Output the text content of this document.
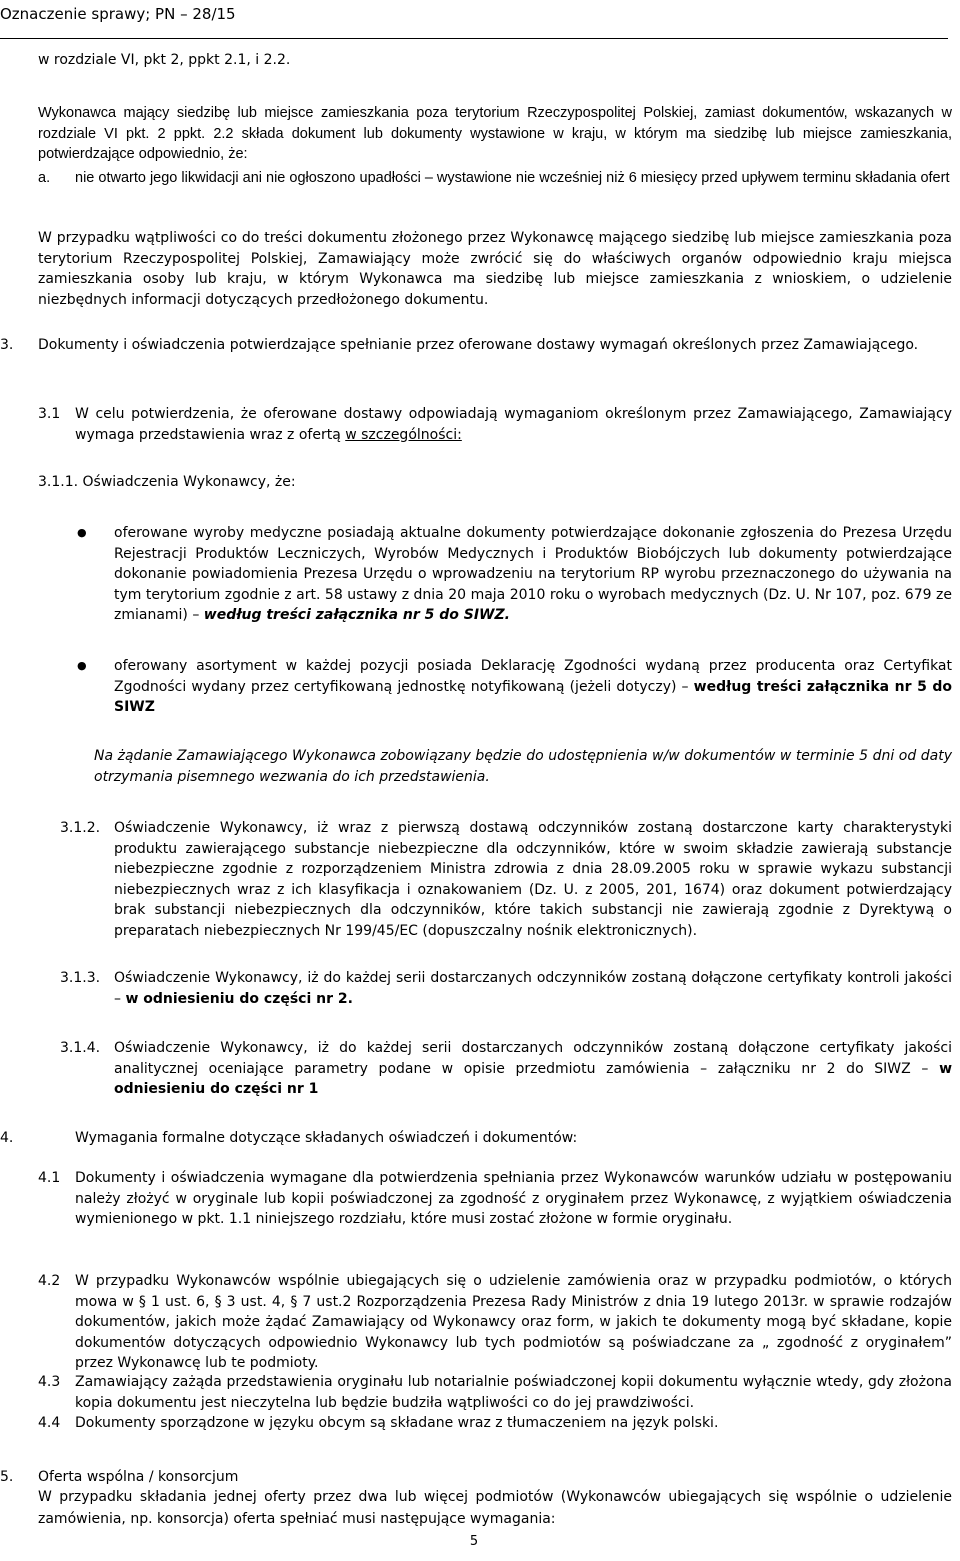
Oznaczenie sprawy; PN – 28/15
w rozdziale VI, pkt 2, ppkt 2.1, i 2.2.
Wykonawca mający siedzibę lub miejsce zamieszkania poza terytorium Rzeczypospolitej Polskiej, zamiast dokumentów, wskazanych w rozdziale VI pkt. 2 ppkt. 2.2 składa dokument lub dokumenty wystawione w kraju, w którym ma siedzibę lub miejsce zamieszkania, potwierdzające odpowiednio, że:
a. nie otwarto jego likwidacji ani nie ogłoszono upadłości – wystawione nie wcześniej niż 6 miesięcy przed upływem terminu składania ofert
W przypadku wątpliwości co do treści dokumentu złożonego przez Wykonawcę mającego siedzibę lub miejsce zamieszkania poza terytorium Rzeczypospolitej Polskiej, Zamawiający może zwrócić się do właściwych organów odpowiednio kraju miejsca zamieszkania osoby lub kraju, w którym Wykonawca ma siedzibę lub miejsce zamieszkania z wnioskiem, o udzielenie niezbędnych informacji dotyczących przedłożonego dokumentu.
3. Dokumenty i oświadczenia potwierdzające spełnianie przez oferowane dostawy wymagań określonych przez Zamawiającego.
3.1 W celu potwierdzenia, że oferowane dostawy odpowiadają wymaganiom określonym przez Zamawiającego, Zamawiający wymaga przedstawienia wraz z ofertą w szczególności:
3.1.1. Oświadczenia Wykonawcy, że:
● oferowane wyroby medyczne posiadają aktualne dokumenty potwierdzające dokonanie zgłoszenia do Prezesa Urzędu Rejestracji Produktów Leczniczych, Wyrobów Medycznych i Produktów Biobójczych lub dokumenty potwierdzające dokonanie powiadomienia Prezesa Urzędu o wprowadzeniu na terytorium RP wyrobu przeznaczonego do używania na tym terytorium zgodnie z art. 58 ustawy z dnia 20 maja 2010 roku o wyrobach medycznych (Dz. U. Nr 107, poz. 679 ze zmianami) – według treści załącznika nr 5 do SIWZ.
● oferowany asortyment w każdej pozycji posiada Deklarację Zgodności wydaną przez producenta oraz Certyfikat Zgodności wydany przez certyfikowaną jednostkę notyfikowaną (jeżeli dotyczy) – według treści załącznika nr 5 do SIWZ
Na żądanie Zamawiającego Wykonawca zobowiązany będzie do udostępnienia w/w dokumentów w terminie 5 dni od daty otrzymania pisemnego wezwania do ich przedstawienia.
3.1.2. Oświadczenie Wykonawcy, iż wraz z pierwszą dostawą odczynników zostaną dostarczone karty charakterystyki produktu zawierającego substancje niebezpieczne dla odczynników, które w swoim składzie zawierają substancje niebezpieczne zgodnie z rozporządzeniem Ministra zdrowia z dnia 28.09.2005 roku w sprawie wykazu substancji niebezpiecznych wraz z ich klasyfikacja i oznakowaniem (Dz. U. z 2005, 201, 1674) oraz dokument potwierdzający brak substancji niebezpiecznych dla odczynników, które takich substancji nie zawierają zgodnie z Dyrektywą o preparatach niebezpiecznych Nr 199/45/EC (dopuszczalny nośnik elektronicznych).
3.1.3. Oświadczenie Wykonawcy, iż do każdej serii dostarczanych odczynników zostaną dołączone certyfikaty kontroli jakości – w odniesieniu do części nr 2.
3.1.4. Oświadczenie Wykonawcy, iż do każdej serii dostarczanych odczynników zostaną dołączone certyfikaty jakości analitycznej oceniające parametry podane w opisie przedmiotu zamówienia – załączniku nr 2 do SIWZ – w odniesieniu do części nr 1
4.	Wymagania formalne dotyczące składanych oświadczeń i dokumentów:
4.1 Dokumenty i oświadczenia wymagane dla potwierdzenia spełniania przez Wykonawców warunków udziału w postępowaniu należy złożyć w oryginale lub kopii poświadczonej za zgodność z oryginałem przez Wykonawcę, z wyjątkiem oświadczenia wymienionego w pkt. 1.1 niniejszego rozdziału, które musi zostać złożone w formie oryginału.
4.2 W przypadku Wykonawców wspólnie ubiegających się o udzielenie zamówienia oraz w przypadku podmiotów, o których mowa w § 1 ust. 6, § 3 ust. 4, § 7 ust.2 Rozporządzenia Prezesa Rady Ministrów z dnia 19 lutego 2013r. w sprawie rodzajów dokumentów, jakich może żądać Zamawiający od Wykonawcy oraz form, w jakich te dokumenty mogą być składane, kopie dokumentów dotyczących odpowiednio Wykonawcy lub tych podmiotów są poświadczane za „ zgodność z oryginałem” przez Wykonawcę lub te podmioty.
4.3 Zamawiający zażąda przedstawienia oryginału lub notarialnie poświadczonej kopii dokumentu wyłącznie wtedy, gdy złożona kopia dokumentu jest nieczytelna lub będzie budziła wątpliwości co do jej prawdziwości.
4.4 Dokumenty sporządzone w języku obcym są składane wraz z tłumaczeniem na język polski.
5. Oferta wspólna / konsorcjum
W przypadku składania jednej oferty przez dwa lub więcej podmiotów (Wykonawców ubiegających się wspólnie o udzielenie zamówienia, np. konsorcja) oferta spełniać musi następujące wymagania:
5
